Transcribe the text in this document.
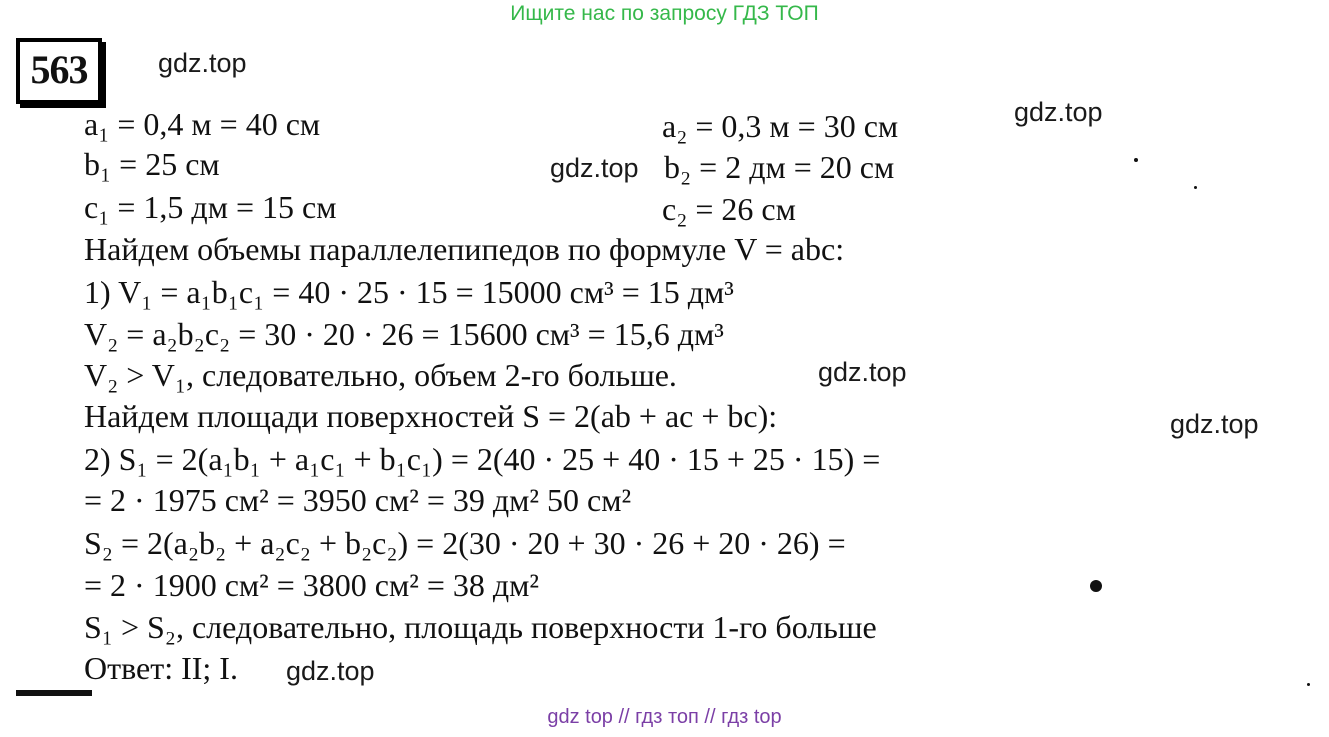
Ищите нас по запросу ГДЗ ТОП
563	gdz.top
gdz.top
gdz.top
gdz.top
gdz.top
gdz.top
a₁ = 0,4 м = 40 см	a₂ = 0,3 м = 30 см
b₁ = 25 см	b₂ = 2 дм = 20 см
c₁ = 1,5 дм = 15 см	c₂ = 26 см
Найдем объемы параллелепипедов по формуле V = abc:
1) V₁ = a₁b₁c₁ = 40 · 25 · 15 = 15000 см³ = 15 дм³
V₂ = a₂b₂c₂ = 30 · 20 · 26 = 15600 см³ = 15,6 дм³
V₂ > V₁, следовательно, объем 2-го больше.
Найдем площади поверхностей S = 2(ab + ac + bc):
2) S₁ = 2(a₁b₁ + a₁c₁ + b₁c₁) = 2(40 · 25 + 40 · 15 + 25 · 15) =
= 2 · 1975 см² = 3950 см² = 39 дм² 50 см²
S₂ = 2(a₂b₂ + a₂c₂ + b₂c₂) = 2(30 · 20 + 30 · 26 + 20 · 26) =
= 2 · 1900 см² = 3800 см² = 38 дм²
S₁ > S₂, следовательно, площадь поверхности 1-го больше
Ответ: II; I.
gdz top // гдз топ // гдз top
